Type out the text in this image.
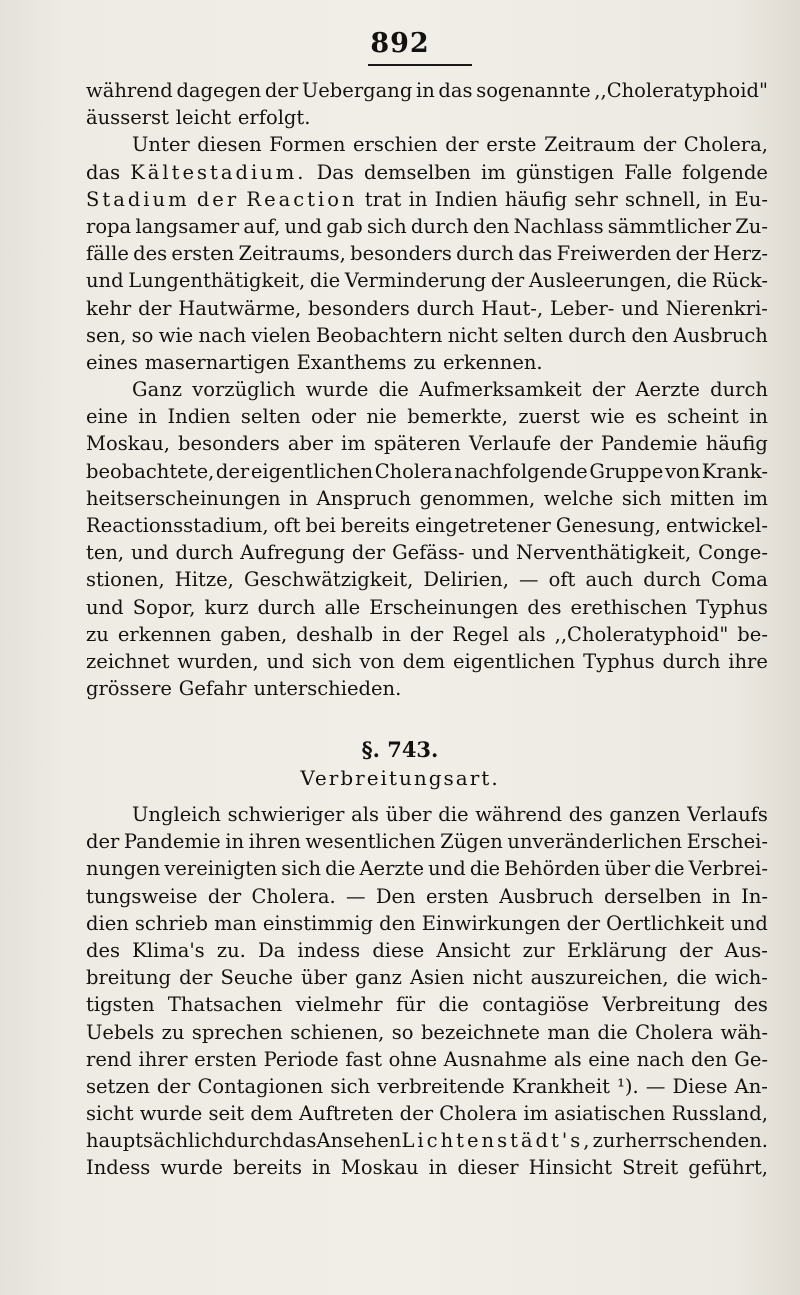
892
während dagegen der Uebergang in das sogenannte ,,Choleratyphoid"
äusserst leicht erfolgt.
Unter diesen Formen erschien der erste Zeitraum der Cholera,
das Kältestadium. Das demselben im günstigen Falle folgende
Stadium der Reaction trat in Indien häufig sehr schnell, in Eu-
ropa langsamer auf, und gab sich durch den Nachlass sämmtlicher Zu-
fälle des ersten Zeitraums, besonders durch das Freiwerden der Herz-
und Lungenthätigkeit, die Verminderung der Ausleerungen, die Rück-
kehr der Hautwärme, besonders durch Haut-, Leber- und Nierenkri-
sen, so wie nach vielen Beobachtern nicht selten durch den Ausbruch
eines masernartigen Exanthems zu erkennen.
Ganz vorzüglich wurde die Aufmerksamkeit der Aerzte durch
eine in Indien selten oder nie bemerkte, zuerst wie es scheint in
Moskau, besonders aber im späteren Verlaufe der Pandemie häufig
beobachtete, der eigentlichen Cholera nachfolgende Gruppe von Krank-
heitserscheinungen in Anspruch genommen, welche sich mitten im
Reactionsstadium, oft bei bereits eingetretener Genesung, entwickel-
ten, und durch Aufregung der Gefäss- und Nerventhätigkeit, Conge-
stionen, Hitze, Geschwätzigkeit, Delirien, — oft auch durch Coma
und Sopor, kurz durch alle Erscheinungen des erethischen Typhus
zu erkennen gaben, deshalb in der Regel als ,,Choleratyphoid" be-
zeichnet wurden, und sich von dem eigentlichen Typhus durch ihre
grössere Gefahr unterschieden.
§. 743.
Verbreitungsart.
Ungleich schwieriger als über die während des ganzen Verlaufs
der Pandemie in ihren wesentlichen Zügen unveränderlichen Erschei-
nungen vereinigten sich die Aerzte und die Behörden über die Verbrei-
tungsweise der Cholera. — Den ersten Ausbruch derselben in In-
dien schrieb man einstimmig den Einwirkungen der Oertlichkeit und
des Klima's zu. Da indess diese Ansicht zur Erklärung der Aus-
breitung der Seuche über ganz Asien nicht auszureichen, die wich-
tigsten Thatsachen vielmehr für die contagiöse Verbreitung des
Uebels zu sprechen schienen, so bezeichnete man die Cholera wäh-
rend ihrer ersten Periode fast ohne Ausnahme als eine nach den Ge-
setzen der Contagionen sich verbreitende Krankheit ¹). — Diese An-
sicht wurde seit dem Auftreten der Cholera im asiatischen Russland,
hauptsächlich durch das Ansehen Lichtenstädt's, zur herrschenden.
Indess wurde bereits in Moskau in dieser Hinsicht Streit geführt,
